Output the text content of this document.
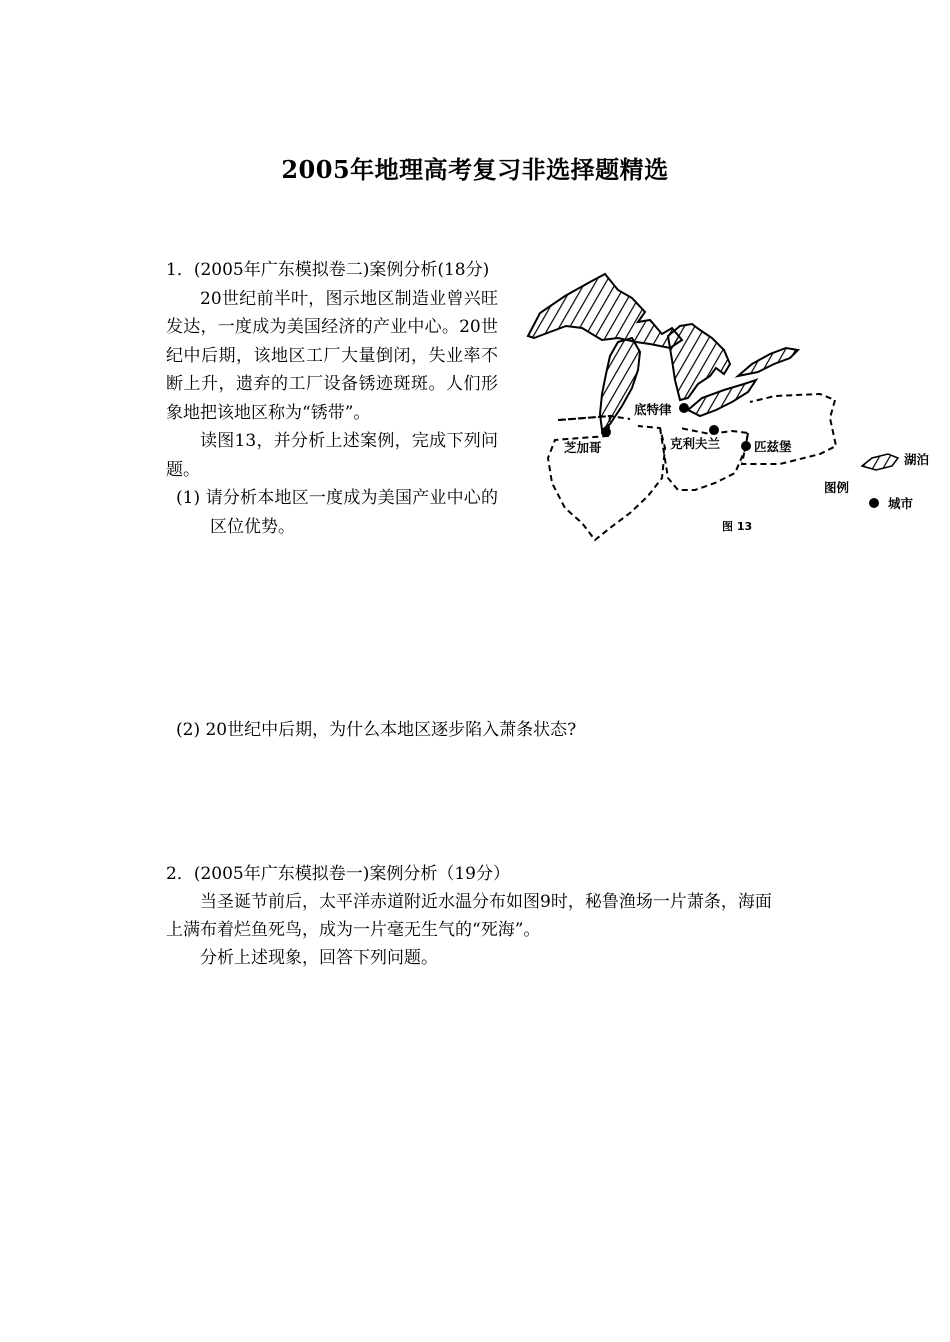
2005年地理高考复习非选择题精选

1．(2005年广东模拟卷二)案例分析(18分)

20世纪前半叶，图示地区制造业曾兴旺发达，一度成为美国经济的产业中心。20世纪中后期，该地区工厂大量倒闭，失业率不断上升，遗弃的工厂设备锈迹斑斑。人们形象地把该地区称为“锈带”。

读图13，并分析上述案例，完成下列问题。

(1) 请分析本地区一度成为美国产业中心的区位优势。

(2) 20世纪中后期，为什么本地区逐步陷入萧条状态?
芝加哥
底特律
克利夫兰	匹兹堡
湖泊
图例
城市
图 13

2．(2005年广东模拟卷一)案例分析（19分）

当圣诞节前后，太平洋赤道附近水温分布如图9时，秘鲁渔场一片萧条，海面上满布着烂鱼死鸟，成为一片毫无生气的“死海”。

分析上述现象，回答下列问题。
